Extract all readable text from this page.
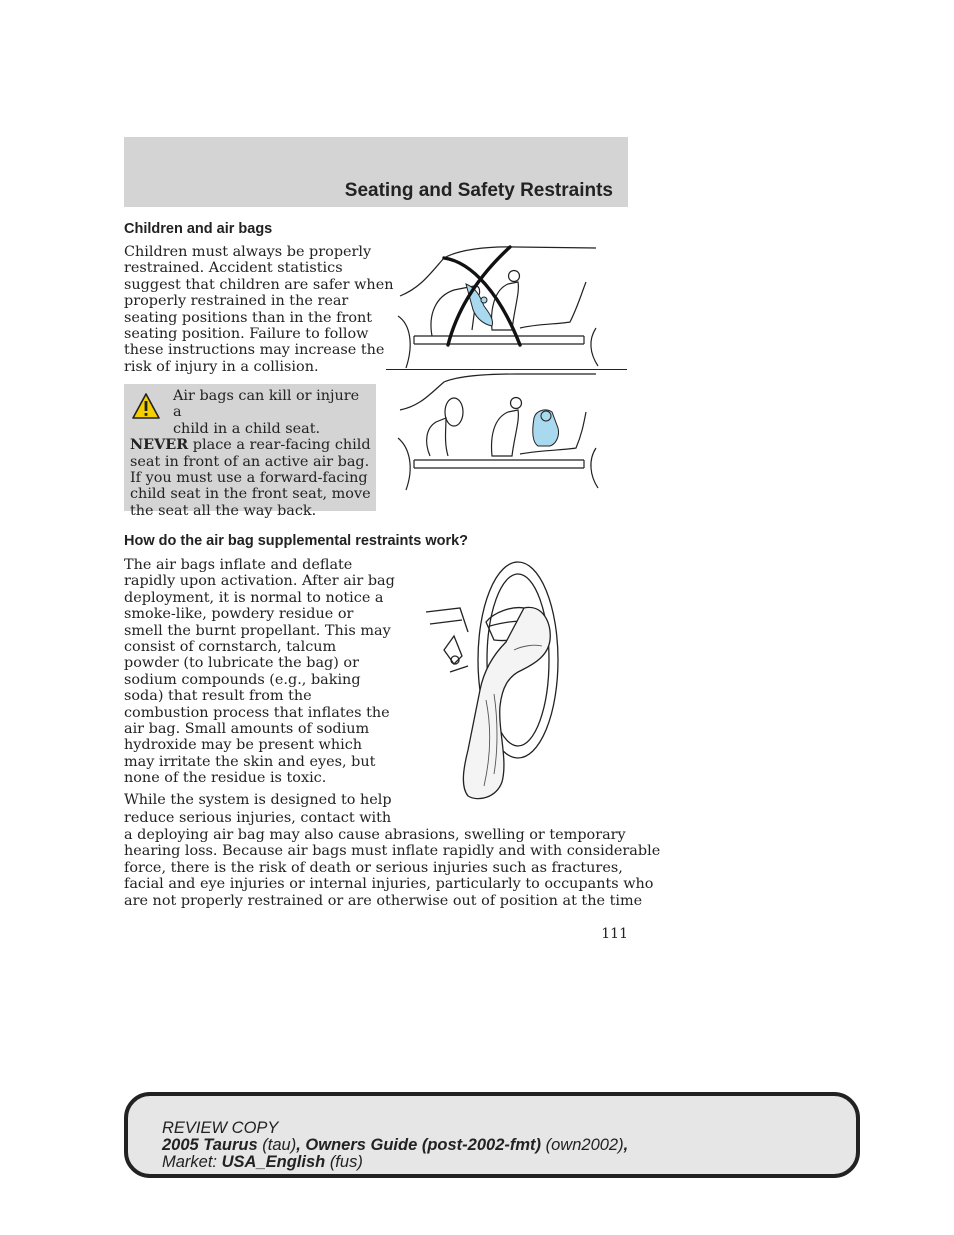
Seating and Safety Restraints
Children and air bags
Children must always be properly
restrained. Accident statistics
suggest that children are safer when
properly restrained in the rear
seating positions than in the front
seating position. Failure to follow
these instructions may increase the
risk of injury in a collision.
Air bags can kill or injure a
child in a child seat.
NEVER place a rear-facing child seat in front of an active air bag. If you must use a forward-facing child seat in the front seat, move the seat all the way back.
How do the air bag supplemental restraints work?
The air bags inflate and deflate
rapidly upon activation. After air bag
deployment, it is normal to notice a
smoke-like, powdery residue or
smell the burnt propellant. This may
consist of cornstarch, talcum
powder (to lubricate the bag) or
sodium compounds (e.g., baking
soda) that result from the
combustion process that inflates the
air bag. Small amounts of sodium
hydroxide may be present which
may irritate the skin and eyes, but
none of the residue is toxic.
While the system is designed to help
reduce serious injuries, contact with
a deploying air bag may also cause abrasions, swelling or temporary
hearing loss. Because air bags must inflate rapidly and with considerable
force, there is the risk of death or serious injuries such as fractures,
facial and eye injuries or internal injuries, particularly to occupants who
are not properly restrained or are otherwise out of position at the time
111
REVIEW COPY
2005 Taurus (tau), Owners Guide (post-2002-fmt) (own2002),
Market: USA_English (fus)
